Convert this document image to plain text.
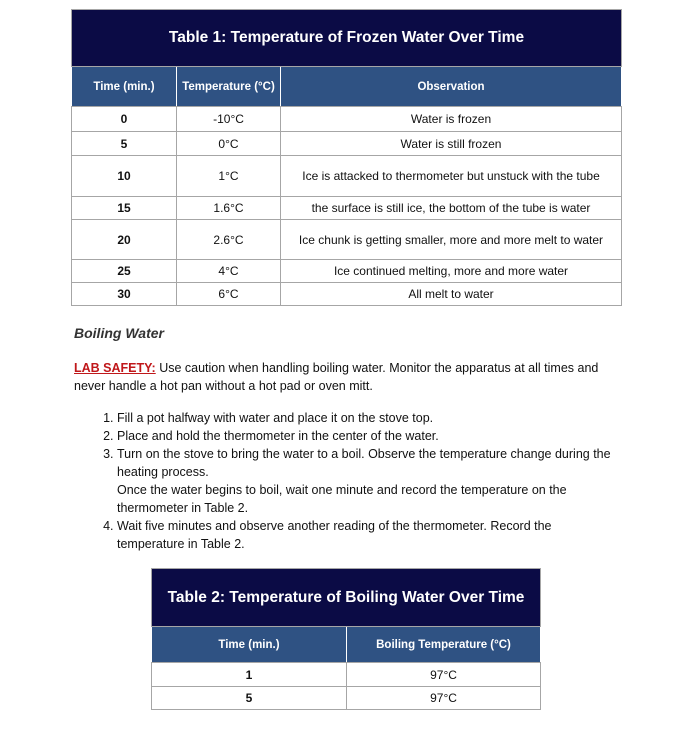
Table 1: Temperature of Frozen Water Over Time		
Time (min.)	Temperature (°C)	Observation
0	-10°C	Water is frozen
5	0°C	Water is still frozen
10	1°C	Ice is attacked to thermometer but unstuck with the tube
15	1.6°C	the surface is still ice, the bottom of the tube is water
20	2.6°C	Ice chunk is getting smaller, more and more melt to water
25	4°C	Ice continued melting, more and more water
30	6°C	All melt to water
Boiling Water
LAB SAFETY: Use caution when handling boiling water. Monitor the apparatus at all times and never handle a hot pan without a hot pad or oven mitt.
1. Fill a pot halfway with water and place it on the stove top.
2. Place and hold the thermometer in the center of the water.
3. Turn on the stove to bring the water to a boil. Observe the temperature change during the heating process.
Once the water begins to boil, wait one minute and record the temperature on the thermometer in Table 2.
4. Wait five minutes and observe another reading of the thermometer. Record the temperature in Table 2.
Table 2: Temperature of Boiling Water Over Time	
Time (min.)	Boiling Temperature (°C)
1	97°C
5	97°C
